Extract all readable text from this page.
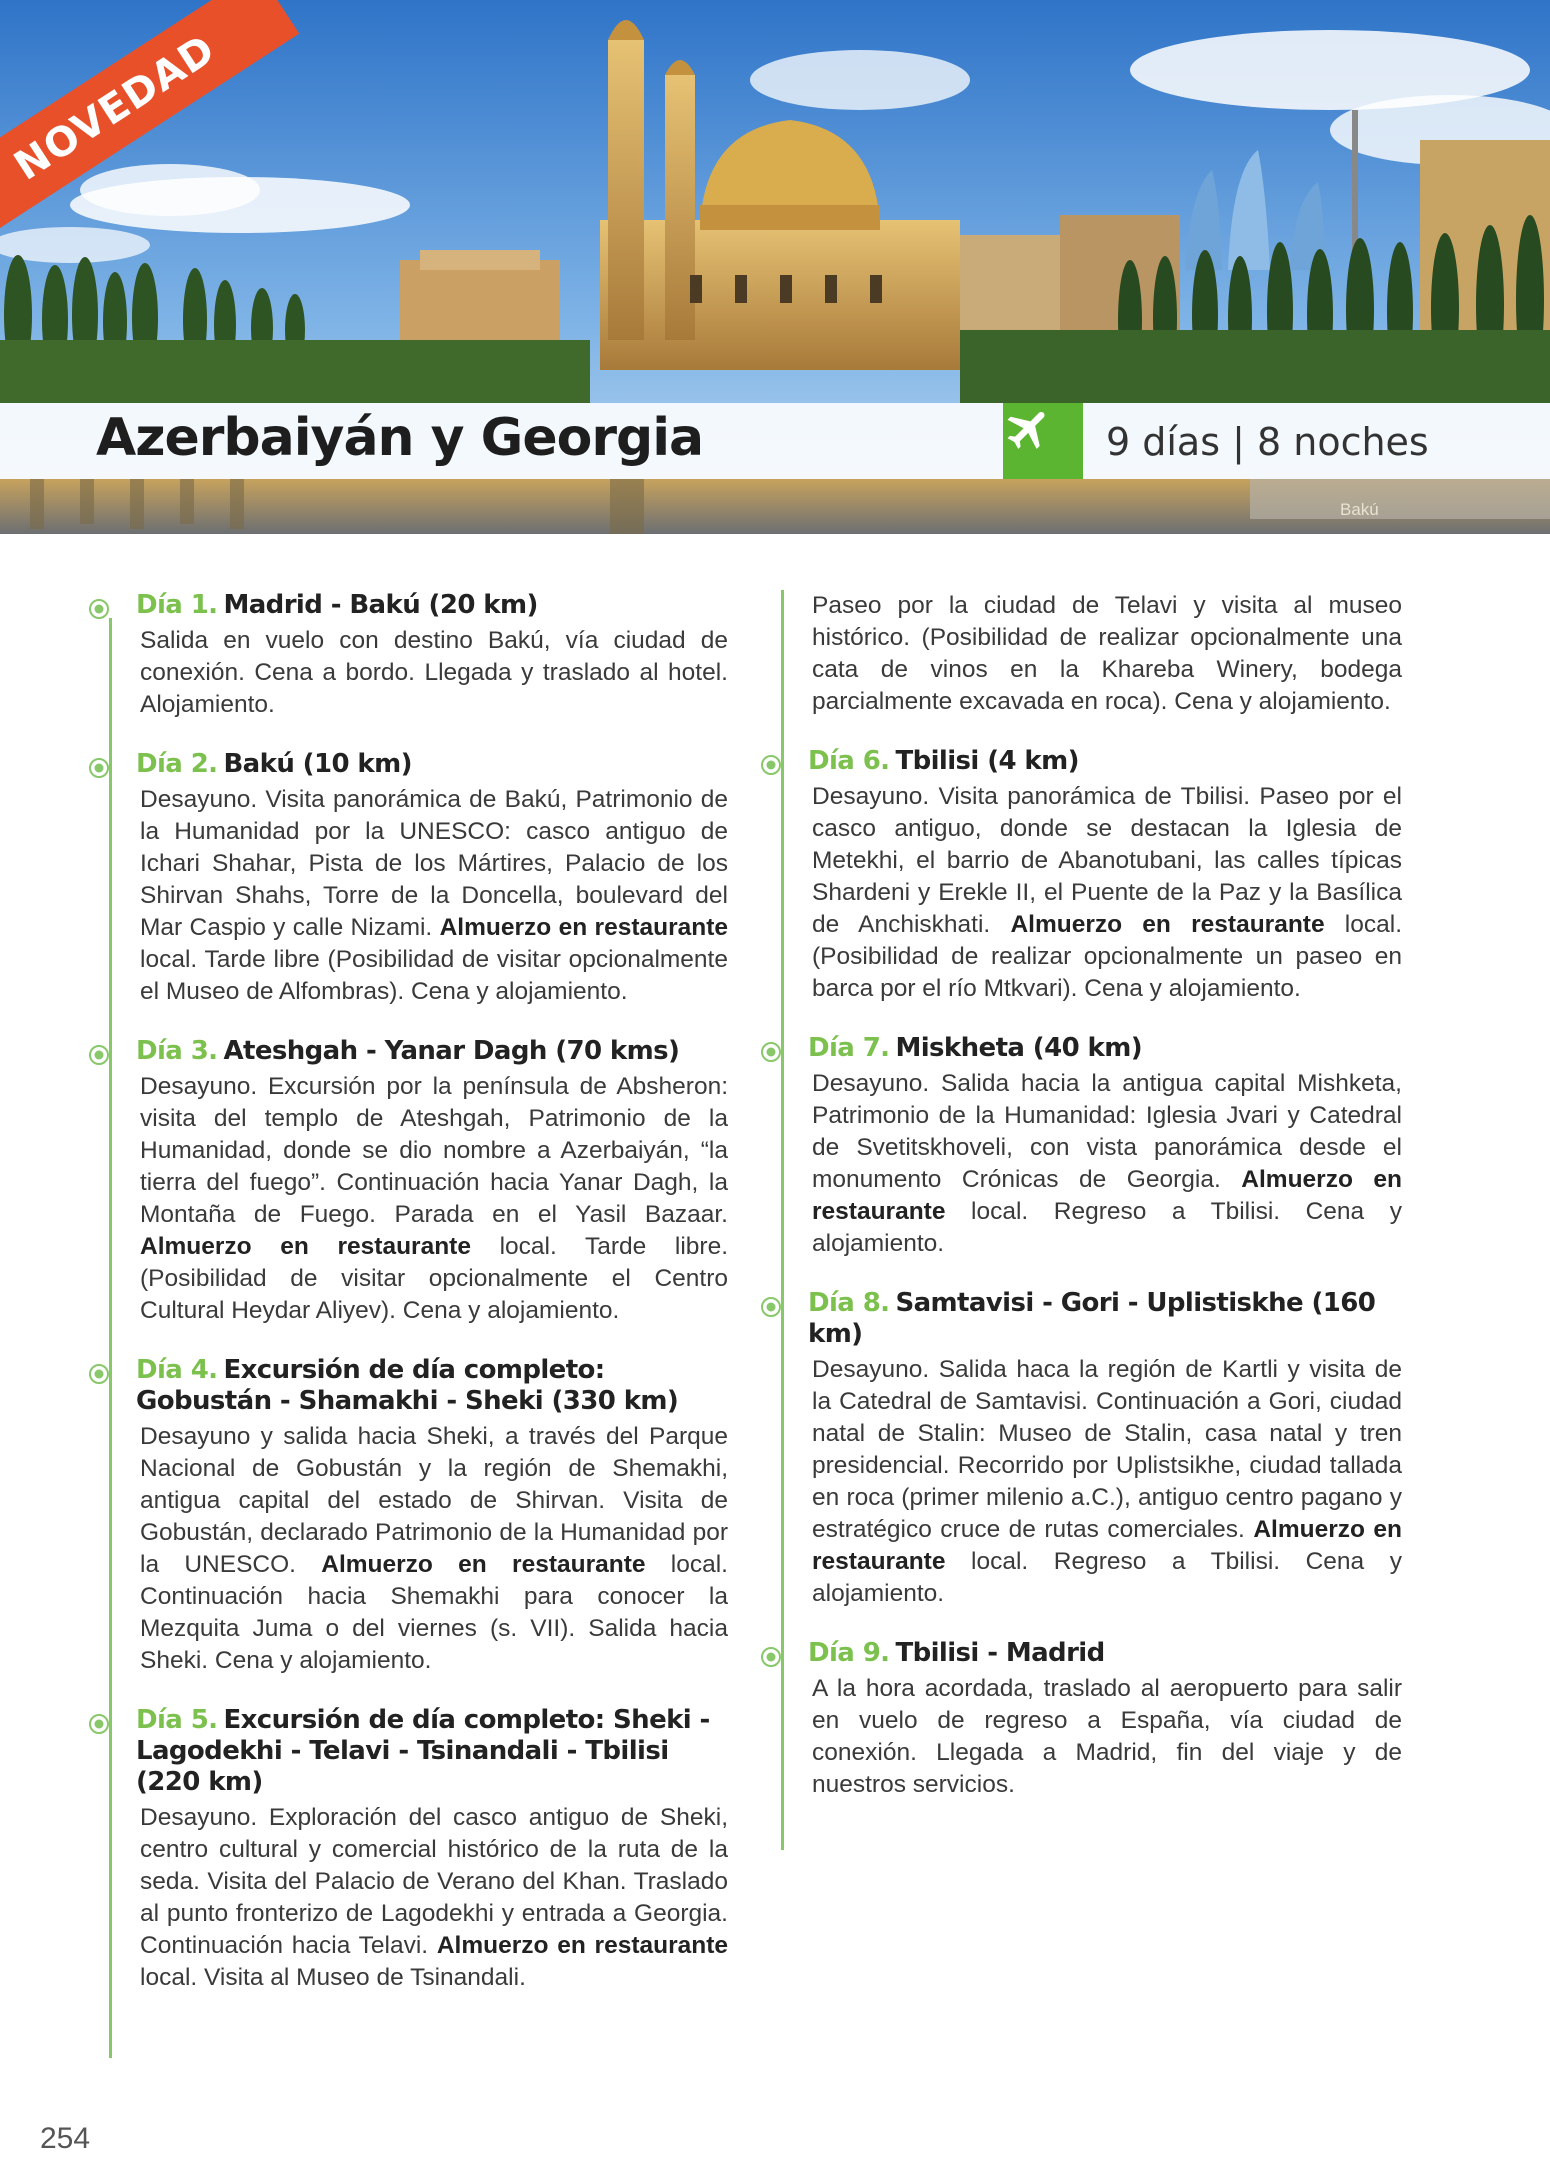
NOVEDAD
Azerbaiyán y Georgia	9 días | 8 noches
Bakú
Día 1. Madrid - Bakú (20 km)
Salida en vuelo con destino Bakú, vía ciudad de conexión. Cena a bordo. Llegada y traslado al hotel. Alojamiento.
Día 2. Bakú (10 km)
Desayuno. Visita panorámica de Bakú, Patrimonio de la Humanidad por la UNESCO: casco antiguo de Ichari Shahar, Pista de los Mártires, Palacio de los Shirvan Shahs, Torre de la Doncella, boulevard del Mar Caspio y calle Nizami. Almuerzo en restaurante local. Tarde libre (Posibilidad de visitar opcionalmente el Museo de Alfombras). Cena y alojamiento.
Día 3. Ateshgah - Yanar Dagh (70 kms)
Desayuno. Excursión por la península de Absheron: visita del templo de Ateshgah, Patrimonio de la Humanidad, donde se dio nombre a Azerbaiyán, “la tierra del fuego”. Continuación hacia Yanar Dagh, la Montaña de Fuego. Parada en el Yasil Bazaar. Almuerzo en restaurante local. Tarde libre. (Posibilidad de visitar opcionalmente el Centro Cultural Heydar Aliyev). Cena y alojamiento.
Día 4. Excursión de día completo: Gobustán - Shamakhi - Sheki (330 km)
Desayuno y salida hacia Sheki, a través del Parque Nacional de Gobustán y la región de Shemakhi, antigua capital del estado de Shirvan. Visita de Gobustán, declarado Patrimonio de la Humanidad por la UNESCO. Almuerzo en restaurante local. Continuación hacia Shemakhi para conocer la Mezquita Juma o del viernes (s. VII). Salida hacia Sheki. Cena y alojamiento.
Día 5. Excursión de día completo: Sheki - Lagodekhi - Telavi - Tsinandali - Tbilisi (220 km)
Desayuno. Exploración del casco antiguo de Sheki, centro cultural y comercial histórico de la ruta de la seda. Visita del Palacio de Verano del Khan. Traslado al punto fronterizo de Lagodekhi y entrada a Georgia. Continuación hacia Telavi. Almuerzo en restaurante local. Visita al Museo de Tsinandali.
Paseo por la ciudad de Telavi y visita al museo histórico. (Posibilidad de realizar opcionalmente una cata de vinos en la Khareba Winery, bodega parcialmente excavada en roca). Cena y alojamiento.
Día 6. Tbilisi (4 km)
Desayuno. Visita panorámica de Tbilisi. Paseo por el casco antiguo, donde se destacan la Iglesia de Metekhi, el barrio de Abanotubani, las calles típicas Shardeni y Erekle II, el Puente de la Paz y la Basílica de Anchiskhati. Almuerzo en restaurante local. (Posibilidad de realizar opcionalmente un paseo en barca por el río Mtkvari). Cena y alojamiento.
Día 7. Miskheta (40 km)
Desayuno. Salida hacia la antigua capital Mishketa, Patrimonio de la Humanidad: Iglesia Jvari y Catedral de Svetitskhoveli, con vista panorámica desde el monumento Crónicas de Georgia. Almuerzo en restaurante local. Regreso a Tbilisi. Cena y alojamiento.
Día 8. Samtavisi - Gori - Uplistiskhe (160 km)
Desayuno. Salida haca la región de Kartli y visita de la Catedral de Samtavisi. Continuación a Gori, ciudad natal de Stalin: Museo de Stalin, casa natal y tren presidencial. Recorrido por Uplistsikhe, ciudad tallada en roca (primer milenio a.C.), antiguo centro pagano y estratégico cruce de rutas comerciales. Almuerzo en restaurante local. Regreso a Tbilisi. Cena y alojamiento.
Día 9. Tbilisi - Madrid
A la hora acordada, traslado al aeropuerto para salir en vuelo de regreso a España, vía ciudad de conexión. Llegada a Madrid, fin del viaje y de nuestros servicios.
254
